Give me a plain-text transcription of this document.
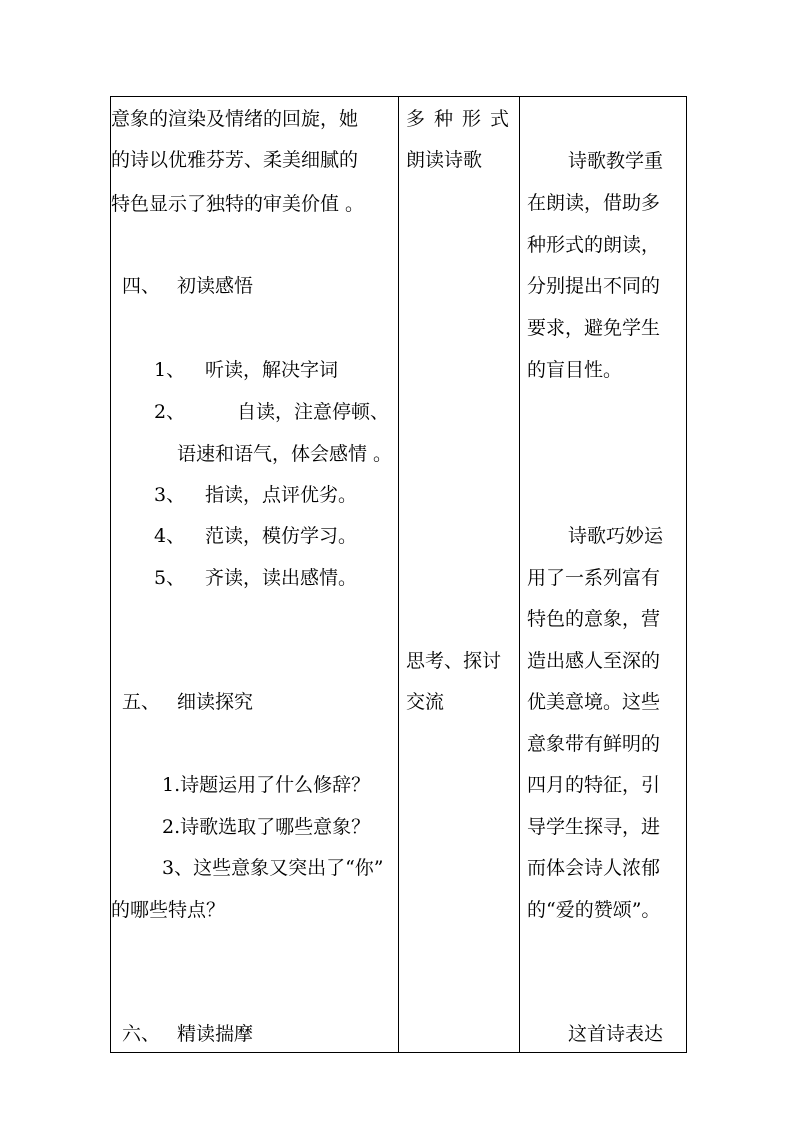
意象的渲染及情绪的回旋，她
的诗以优雅芬芳、柔美细腻的
特色显示了独特的审美价值 。
四、 初读感悟
1、 听读，解决字词
2、	自读，注意停顿、
语速和语气，体会感情 。
3、 指读，点评优劣。
4、 范读，模仿学习。
5、 齐读，读出感情。
五、 细读探究
1.诗题运用了什么修辞？
2.诗歌选取了哪些意象？
3、这些意象又突出了“你”
的哪些特点？
六、 精读揣摩
多种形式
朗读诗歌
思考、探讨
交流
诗歌教学重
在朗读，借助多
种形式的朗读，
分别提出不同的
要求，避免学生
的盲目性。
诗歌巧妙运
用了一系列富有
特色的意象，营
造出感人至深的
优美意境。这些
意象带有鲜明的
四月的特征，引
导学生探寻，进
而体会诗人浓郁
的“爱的赞颂”。
这首诗表达
